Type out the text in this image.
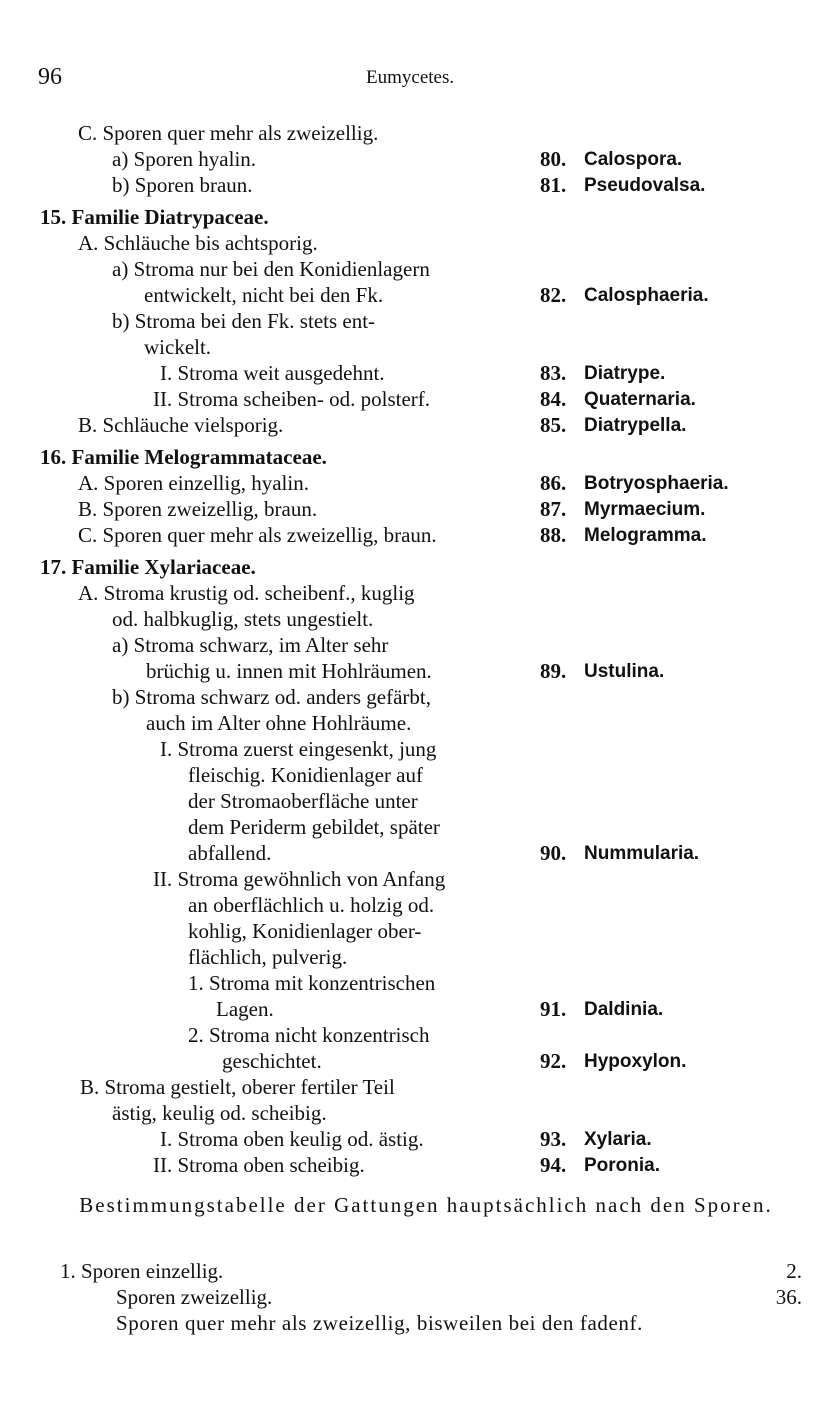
96	Eumycetes.
C. Sporen quer mehr als zweizellig.
a) Sporen hyalin.	80. Calospora.
b) Sporen braun.	81. Pseudovalsa.
15. Familie Diatrypaceae.
A. Schläuche bis achtsporig.
a) Stroma nur bei den Konidienlagern
entwickelt, nicht bei den Fk.	82. Calosphaeria.
b) Stroma bei den Fk. stets ent-
wickelt.
I. Stroma weit ausgedehnt.	83. Diatrype.
II. Stroma scheiben- od. polsterf.	84. Quaternaria.
B. Schläuche vielsporig.	85. Diatrypella.
16. Familie Melogrammataceae.
A. Sporen einzellig, hyalin.	86. Botryosphaeria.
B. Sporen zweizellig, braun.	87. Myrmaecium.
C. Sporen quer mehr als zweizellig, braun.	88. Melogramma.
17. Familie Xylariaceae.
A. Stroma krustig od. scheibenf., kuglig
od. halbkuglig, stets ungestielt.
a) Stroma schwarz, im Alter sehr
brüchig u. innen mit Hohlräumen.	89. Ustulina.
b) Stroma schwarz od. anders gefärbt,
auch im Alter ohne Hohlräume.
I. Stroma zuerst eingesenkt, jung
fleischig. Konidienlager auf
der Stromaoberfläche unter
dem Periderm gebildet, später
abfallend.	90. Nummularia.
II. Stroma gewöhnlich von Anfang
an oberflächlich u. holzig od.
kohlig, Konidienlager ober-
flächlich, pulverig.
1. Stroma mit konzentrischen
Lagen.	91. Daldinia.
2. Stroma nicht konzentrisch
geschichtet.	92. Hypoxylon.
B. Stroma gestielt, oberer fertiler Teil
ästig, keulig od. scheibig.
I. Stroma oben keulig od. ästig.	93. Xylaria.
II. Stroma oben scheibig.	94. Poronia.
Bestimmungstabelle der Gattungen hauptsächlich nach den Sporen.
1. Sporen einzellig.	2.
Sporen zweizellig.	36.
Sporen quer mehr als zweizellig, bisweilen bei den fadenf.
